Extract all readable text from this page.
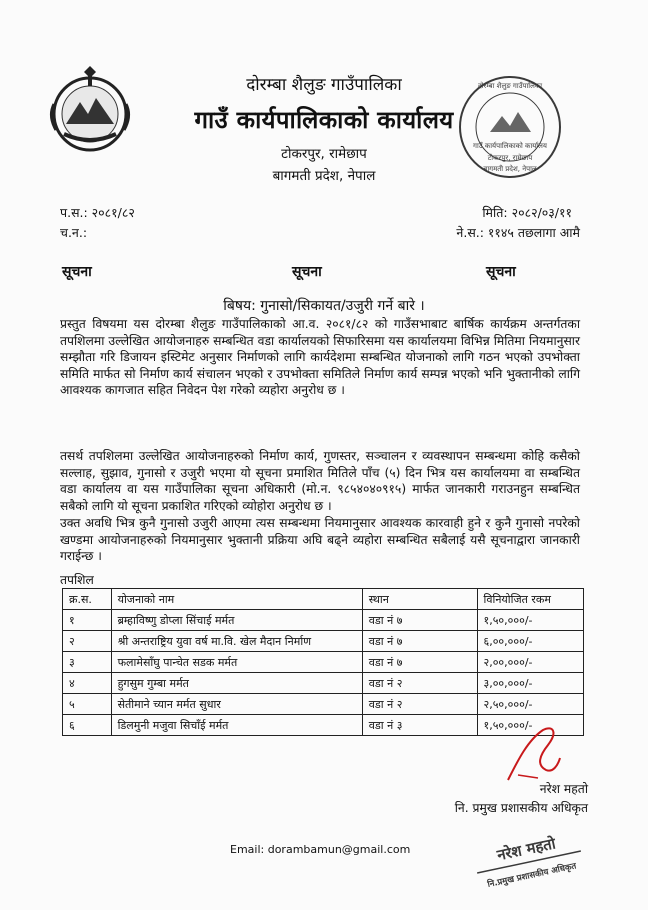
दोरम्बा शैलुङ गाउँपालिका
गाउँ कार्यपालिकाको कार्यालय
टोकरपुर, रामेछाप
बागमती प्रदेश, नेपाल
दोरम्बा शैलुङ गाउँपालिका
गाउँ कार्यपालिकाको कार्यालय
टोकरपुर, रामेछाप
बागमती प्रदेश, नेपाल
प.स.: २०८१/८२
च.न.:
मिति: २०८२/०३/११
ने.स.: ११४५ तछलागा आमै
सूचना	सूचना	सूचना
बिषय: गुनासो/सिकायत/उजुरी गर्ने बारे ।
प्रस्तुत विषयमा यस दोरम्बा शैलुङ गाउँपालिकाको आ.व. २०८१/८२ को गाउँसभाबाट बार्षिक कार्यक्रम अन्तर्गतका तपशिलमा उल्लेखित आयोजनाहरु सम्बन्धित वडा कार्यालयको सिफारिसमा यस कार्यालयमा विभिन्न मितिमा नियमानुसार सम्झौता गरि डिजायन इस्टिमेट अनुसार निर्माणको लागि कार्यदेशमा सम्बन्धित योजनाको लागि गठन भएको उपभोक्ता समिति मार्फत सो निर्माण कार्य संचालन भएको र उपभोक्ता समितिले निर्माण कार्य सम्पन्न भएको भनि भुक्तानीको लागि आवश्यक कागजात सहित निवेदन पेश गरेको व्यहोरा अनुरोध छ ।
तसर्थ तपशिलमा उल्लेखित आयोजनाहरुको निर्माण कार्य, गुणस्तर, सञ्चालन र व्यवस्थापन सम्बन्धमा कोहि कसैको सल्लाह, सुझाव, गुनासो र उजुरी भएमा यो सूचना प्रमाशित मितिले पाँच (५) दिन भित्र यस कार्यालयमा वा सम्बन्धित वडा कार्यालय वा यस गाउँपालिका सूचना अधिकारी (मो.न. ९८५४०४०९१५) मार्फत जानकारी गराउनहुन सम्बन्धित सबैको लागि यो सूचना प्रकाशित गरिएको व्योहोरा अनुरोध छ ।
उक्त अवधि भित्र कुनै गुनासो उजुरी आएमा त्यस सम्बन्धमा नियमानुसार आवश्यक कारवाही हुने र कुनै गुनासो नपरेको खण्डमा आयोजनाहरुको नियमानुसार भुक्तानी प्रक्रिया अघि बढ्ने व्यहोरा सम्बन्धित सबैलाई यसै सूचनाद्वारा जानकारी गराईन्छ ।
तपशिल
क्र.स.	योजनाको नाम	स्थान	विनियोजित रकम
१	ब्रम्हाविष्णु डोप्ला सिंचाई मर्मत	वडा नं ७	१,५०,०००/-
२	श्री अन्तराष्ट्रिय युवा वर्ष मा.वि. खेल मैदान निर्माण	वडा नं ७	६,००,०००/-
३	फलामेसाँघु पान्चेत सडक मर्मत	वडा नं ७	२,००,०००/-
४	हुगसुम गुम्बा मर्मत	वडा नं २	३,००,०००/-
५	सेतीमाने च्यान मर्मत सुधार	वडा नं २	२,५०,०००/-
६	डिलमुनी मजुवा सिचाँई मर्मत	वडा नं ३	१,५०,०००/-
नरेश महतो
नि. प्रमुख प्रशासकीय अधिकृत
Email: dorambamun@gmail.com	नरेश महतो
नि.प्रमुख प्रशासकीय अधिकृत
